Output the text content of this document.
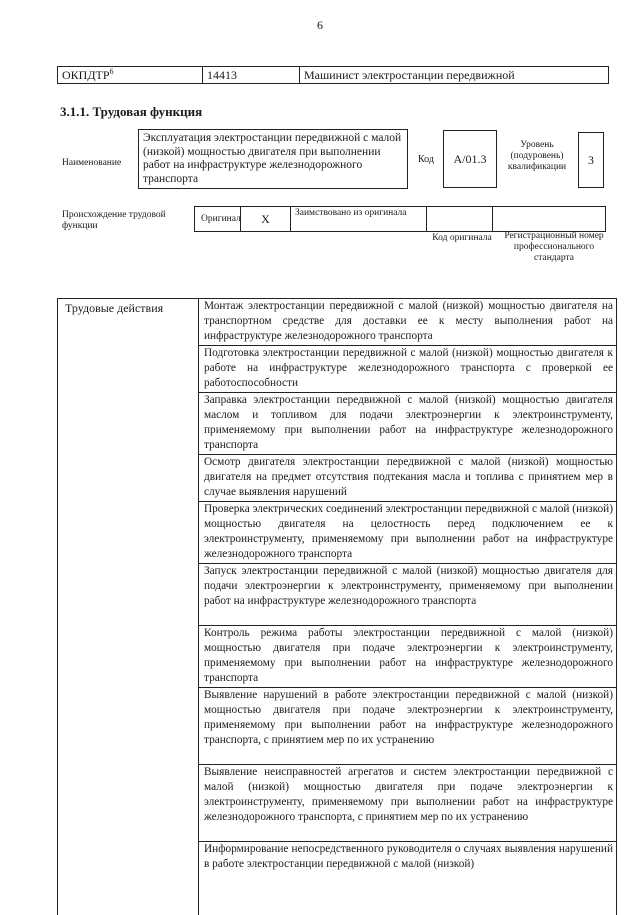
6
ОКПДТР$^6$	14413	Машинист электростанции передвижной
3.1.1. Трудовая функция
Наименование
Эксплуатация электростанции передвижной с малой (низкой) мощностью двигателя при выполнении работ на инфраструктуре железнодорожного транспорта
Код	А/01.3
Уровень (подуровень) квалификации
3
Происхождение трудовой функции
Оригинал	X	Заимствовано из оригинала
Код оригинала	Регистрационный номер профессионального стандарта
Трудовые действия	Монтаж электростанции передвижной с малой (низкой) мощностью двигателя на транспортном средстве для доставки ее к месту выполнения работ на инфраструктуре железнодорожного транспорта
Подготовка электростанции передвижной с малой (низкой) мощностью двигателя к работе на инфраструктуре железнодорожного транспорта с проверкой ее работоспособности
Заправка электростанции передвижной с малой (низкой) мощностью двигателя маслом и топливом для подачи электроэнергии к электроинструменту, применяемому при выполнении работ на инфраструктуре железнодорожного транспорта
Осмотр двигателя электростанции передвижной с малой (низкой) мощностью двигателя на предмет отсутствия подтекания масла и топлива с принятием мер в случае выявления нарушений
Проверка электрических соединений электростанции передвижной с малой (низкой) мощностью двигателя на целостность перед подключением ее к электроинструменту, применяемому при выполнении работ на инфраструктуре железнодорожного транспорта
Запуск электростанции передвижной с малой (низкой) мощностью двигателя для подачи электроэнергии к электроинструменту, применяемому при выполнении работ на инфраструктуре железнодорожного транспорта
Контроль режима работы электростанции передвижной с малой (низкой) мощностью двигателя при подаче электроэнергии к электроинструменту, применяемому при выполнении работ на инфраструктуре железнодорожного транспорта
Выявление нарушений в работе электростанции передвижной с малой (низкой) мощностью двигателя при подаче электроэнергии к электроинструменту, применяемому при выполнении работ на инфраструктуре железнодорожного транспорта, с принятием мер по их устранению
Выявление неисправностей агрегатов и систем электростанции передвижной с малой (низкой) мощностью двигателя при подаче электроэнергии к электроинструменту, применяемому при выполнении работ на инфраструктуре железнодорожного транспорта, с принятием мер по их устранению
Информирование непосредственного руководителя о случаях выявления нарушений в работе электростанции передвижной с малой (низкой)
